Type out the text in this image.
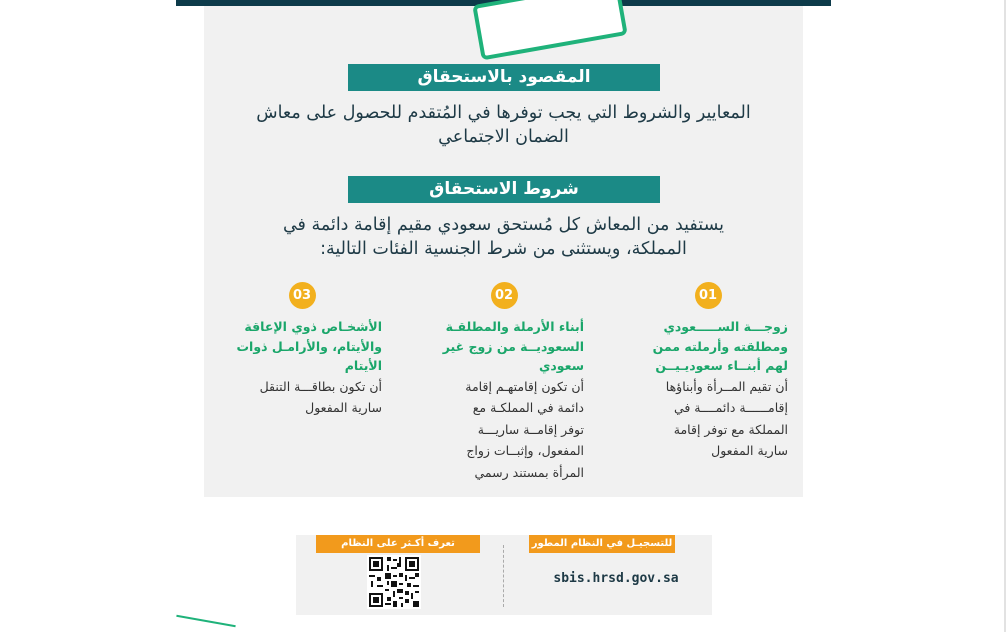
المقصود بالاستحقاق
المعايير والشروط التي يجب توفرها في المُتقدم للحصول على معاش
الضمان الاجتماعي
شروط الاستحقاق
يستفيد من المعاش كل مُستحق سعودي مقيم إقامة دائمة في
المملكة، ويستثنى من شرط الجنسية الفئات التالية:
01
زوجـــة الســـــعودي
ومطلقته وأرملته ممن
لهم أبنــاء سعوديـيــن
أن تقيم المــرأة وأبناؤها
إقامــــــة دائمــــة في
المملكة مع توفر إقامة
سارية المفعول
02
أبناء الأرملة والمطلقـة
السعوديــة من زوج غير
سعودي
أن تكون إقامتهـم إقامة
دائمة في المملكـة مع
توفر إقامــة ساريـــة
المفعول، وإثبــات زواج
المرأة بمستند رسمي
03
الأشخـاص ذوي الإعاقة
والأيتام، والأرامـل ذوات
الأيتام
أن تكون بطاقـــة التنقل
سارية المفعول
للتسجيـل في النظام المطور
تعرف أكـثر على النظام
sbis.hrsd.gov.sa
